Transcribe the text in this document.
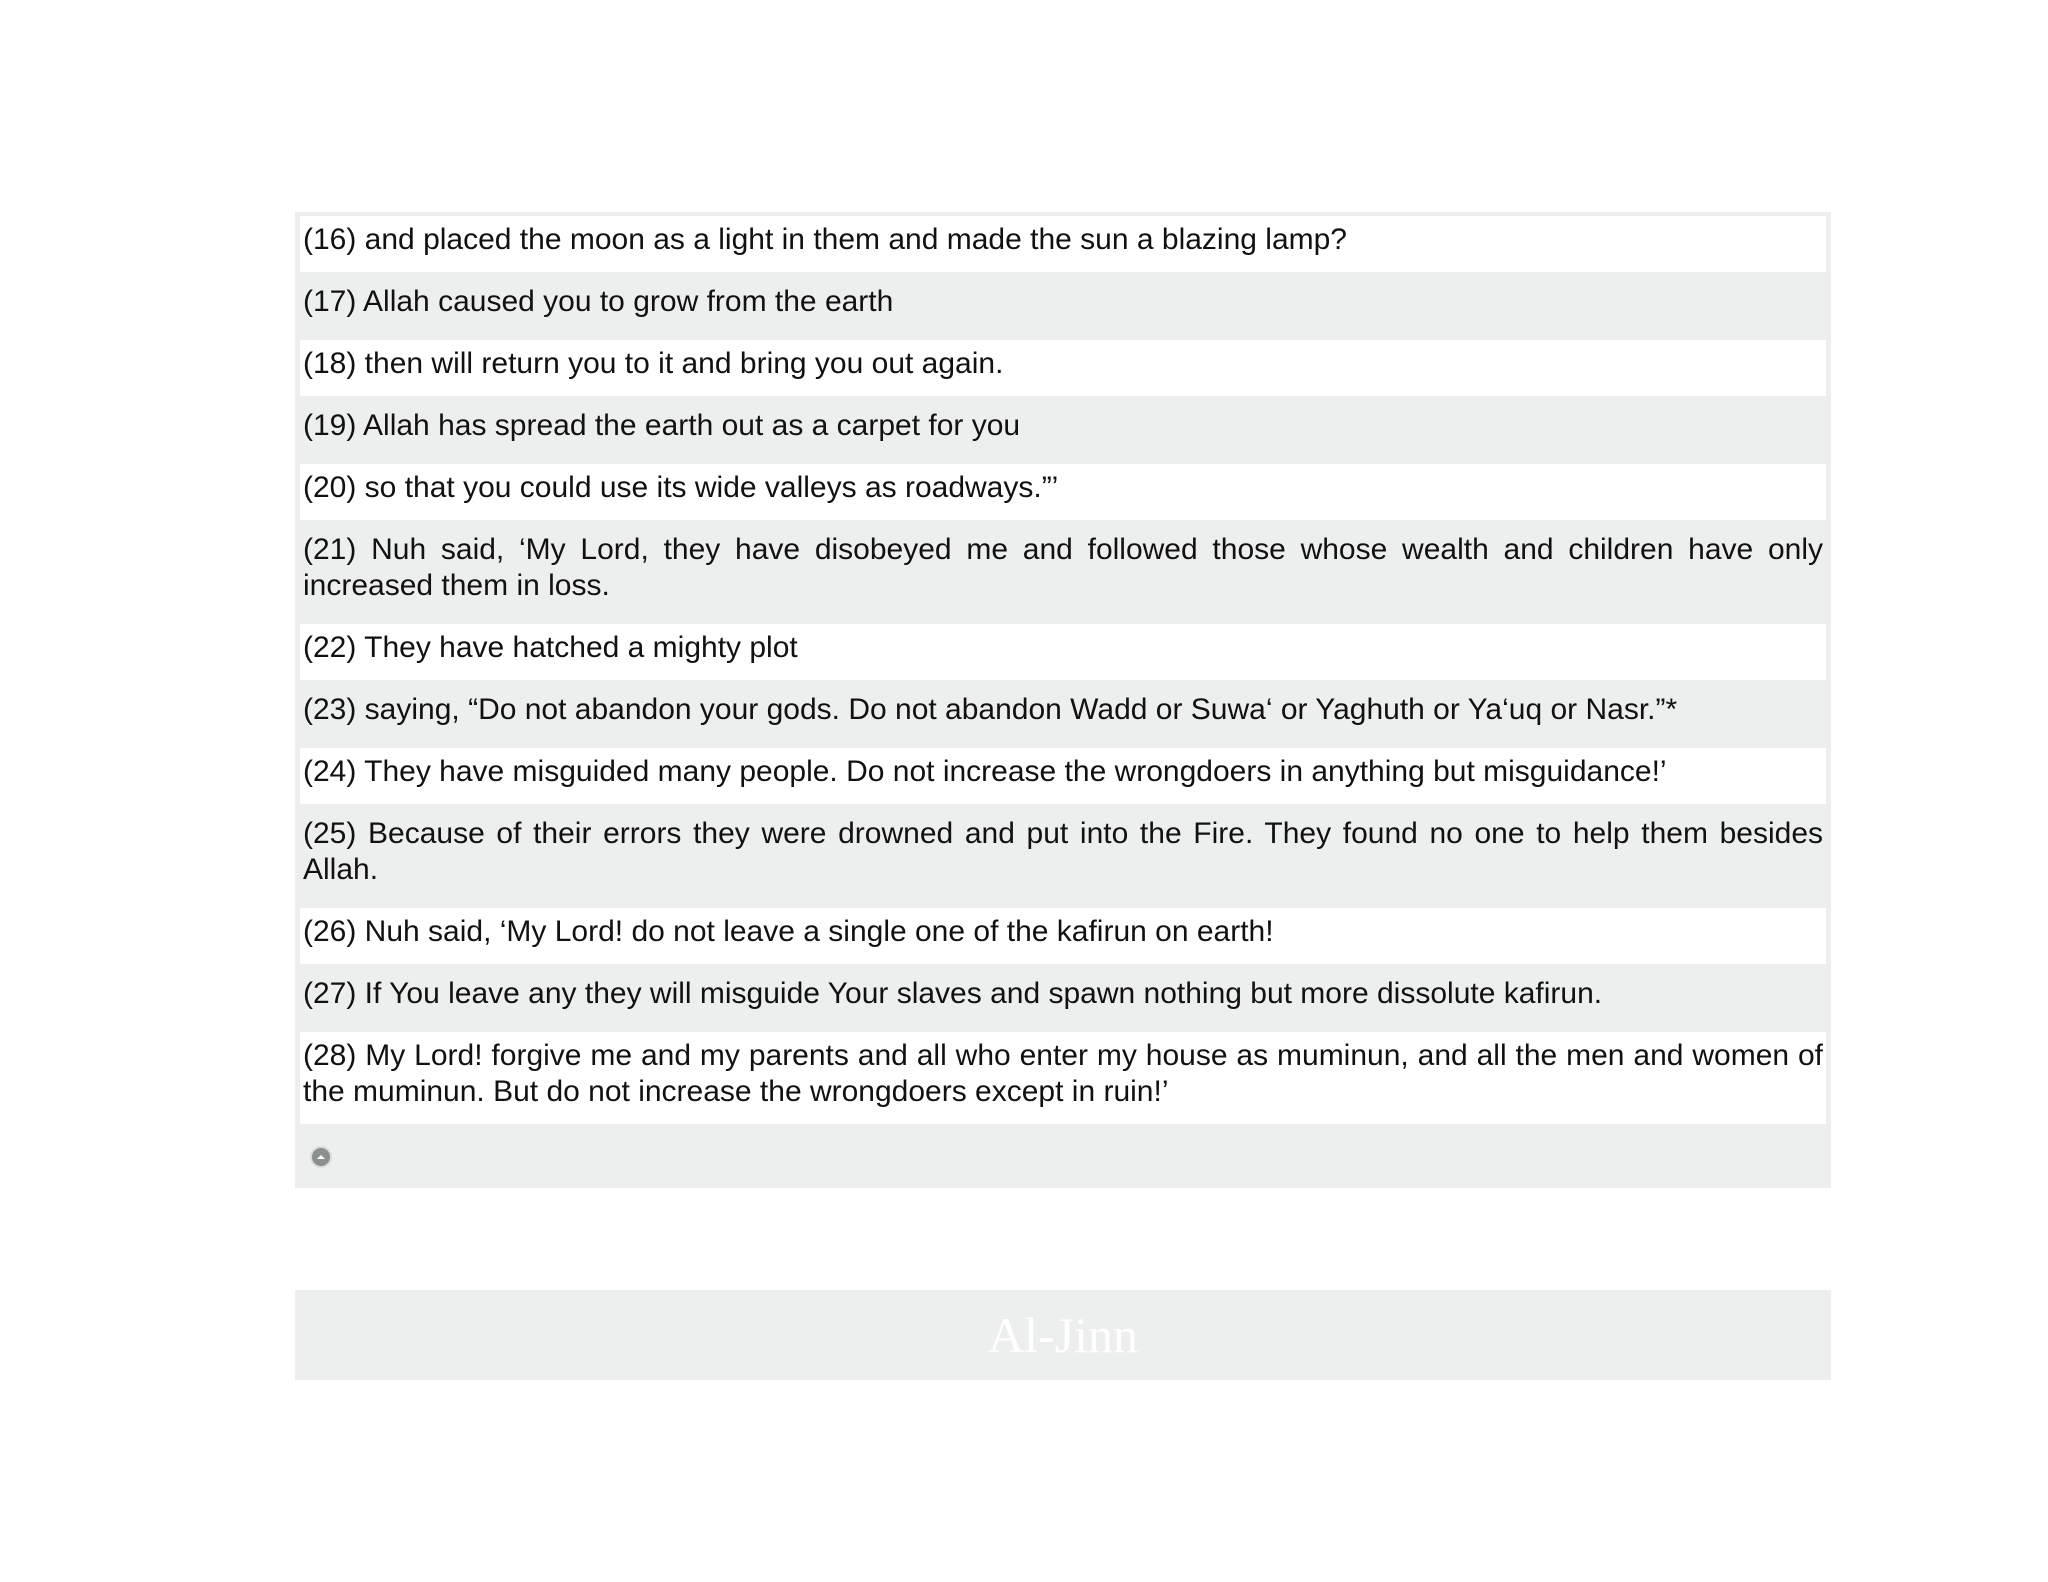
(16) and placed the moon as a light in them and made the sun a blazing lamp?
(17) Allah caused you to grow from the earth
(18) then will return you to it and bring you out again.
(19) Allah has spread the earth out as a carpet for you
(20) so that you could use its wide valleys as roadways.”’
(21) Nuh said, ‘My Lord, they have disobeyed me and followed those whose wealth and children have only increased them in loss.
(22) They have hatched a mighty plot
(23) saying, “Do not abandon your gods. Do not abandon Wadd or Suwa‘ or Yaghuth or Ya‘uq or Nasr.”*
(24) They have misguided many people. Do not increase the wrongdoers in anything but misguidance!’
(25) Because of their errors they were drowned and put into the Fire. They found no one to help them besides Allah.
(26) Nuh said, ‘My Lord! do not leave a single one of the kafirun on earth!
(27) If You leave any they will misguide Your slaves and spawn nothing but more dissolute kafirun.
(28) My Lord! forgive me and my parents and all who enter my house as muminun, and all the men and women of the muminun. But do not increase the wrongdoers except in ruin!’
Al-Jinn
